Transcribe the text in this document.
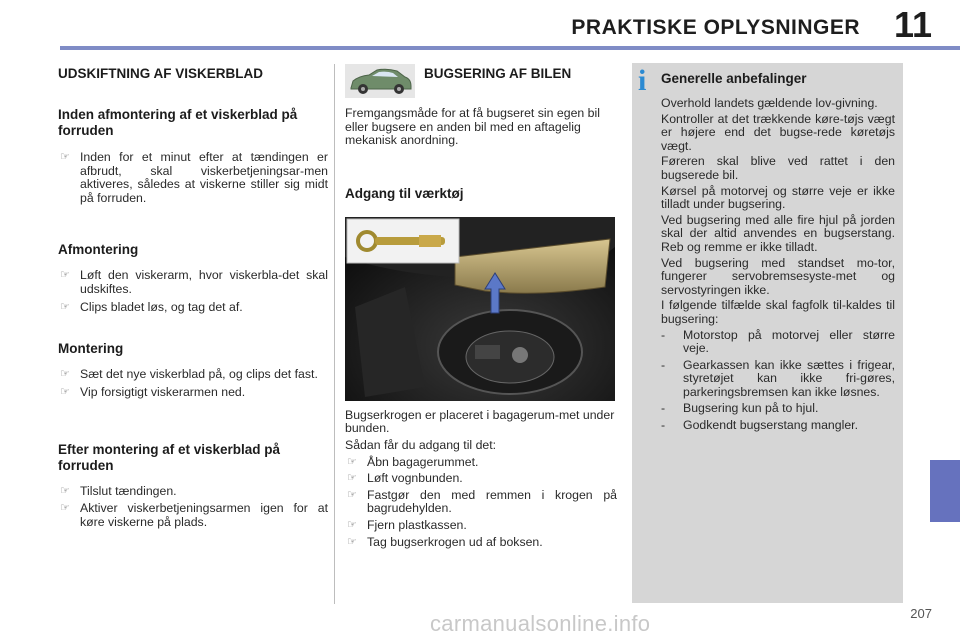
PRAKTISKE OPLYSNINGER 11
UDSKIFTNING AF VISKERBLAD
Inden afmontering af et viskerblad på forruden
☞ Inden for et minut efter at tændingen er afbrudt, skal viskerbetjeningsar-men aktiveres, således at viskerne stiller sig midt på forruden.
Afmontering
☞ Løft den viskerarm, hvor viskerbla-det skal udskiftes.
☞ Clips bladet løs, og tag det af.
Montering
☞ Sæt det nye viskerblad på, og clips det fast.
☞ Vip forsigtigt viskerarmen ned.
Efter montering af et viskerblad på forruden
☞ Tilslut tændingen.
☞ Aktiver viskerbetjeningsarmen igen for at køre viskerne på plads.
BUGSERING AF BILEN

Fremgangsmåde for at få bugseret sin egen bil eller bugsere en anden bil med en aftagelig mekanisk anordning.

Adgang til værktøj

Bugserkrogen er placeret i bagagerum-met under bunden.

Sådan får du adgang til det:

☞ Åbn bagagerummet.
☞ Løft vognbunden.
☞ Fastgør den med remmen i krogen på bagrudehylden.
☞ Fjern plastkassen.
☞ Tag bugserkrogen ud af boksen.
i Generelle anbefalinger

Overhold landets gældende lov-givning.

Kontroller at det trækkende køre-tøjs vægt er højere end det bugse-rede køretøjs vægt.

Føreren skal blive ved rattet i den bugserede bil.

Kørsel på motorvej og større veje er ikke tilladt under bugsering.

Ved bugsering med alle fire hjul på jorden skal der altid anvendes en bugserstang. Reb og remme er ikke tilladt.

Ved bugsering med standset mo-tor, fungerer servobremsesyste-met og servostyringen ikke.

I følgende tilfælde skal fagfolk til-kaldes til bugsering:

- Motorstop på motorvej eller større veje.
- Gearkassen kan ikke sættes i frigear, styretøjet kan ikke fri-gøres, parkeringsbremsen kan ikke løsnes.
- Bugsering kun på to hjul.
- Godkendt bugserstang mangler.
207
carmanualsonline.info
